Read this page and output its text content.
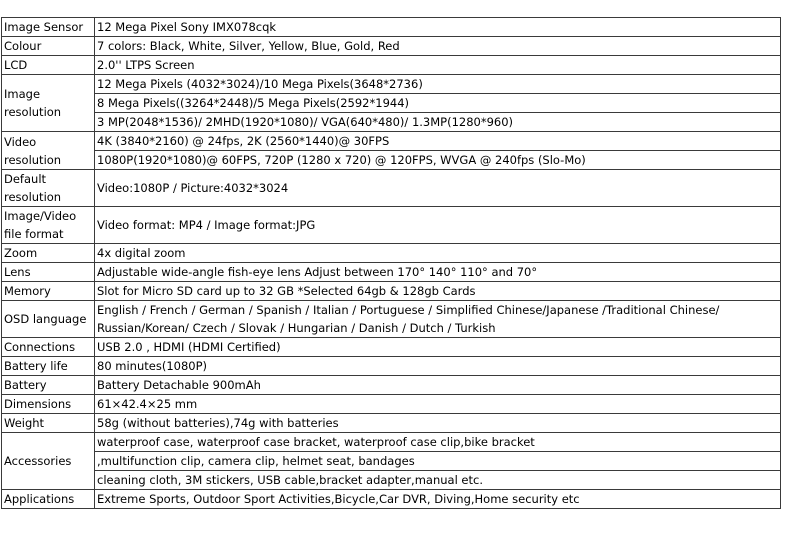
Image Sensor	12 Mega Pixel Sony IMX078cqk
Colour	7 colors: Black, White, Silver, Yellow, Blue, Gold, Red
LCD	2.0'' LTPS Screen
Image resolution	12 Mega Pixels (4032*3024)/10 Mega Pixels(3648*2736)
	8 Mega Pixels((3264*2448)/5 Mega Pixels(2592*1944)
	3 MP(2048*1536)/ 2MHD(1920*1080)/ VGA(640*480)/ 1.3MP(1280*960)
Video resolution	4K (3840*2160) @ 24fps, 2K (2560*1440)@ 30FPS
	1080P(1920*1080)@ 60FPS, 720P (1280 x 720) @ 120FPS, WVGA @ 240fps (Slo-Mo)
Default resolution	Video:1080P / Picture:4032*3024
Image/Video file format	Video format: MP4 / Image format:JPG
Zoom	4x digital zoom
Lens	Adjustable wide-angle fish-eye lens Adjust between 170° 140° 110° and 70°
Memory	Slot for Micro SD card up to 32 GB *Selected 64gb & 128gb Cards
OSD language	English / French / German / Spanish / Italian / Portuguese / Simplified Chinese/Japanese /Traditional Chinese/ Russian/Korean/ Czech / Slovak / Hungarian / Danish / Dutch / Turkish
Connections	USB 2.0 , HDMI (HDMI Certified)
Battery life	80 minutes(1080P)
Battery	Battery Detachable 900mAh
Dimensions	61×42.4×25 mm
Weight	58g (without batteries),74g with batteries
Accessories	waterproof case, waterproof case bracket, waterproof case clip,bike bracket
	,multifunction clip, camera clip, helmet seat, bandages
	cleaning cloth, 3M stickers, USB cable,bracket adapter,manual etc.
Applications	Extreme Sports, Outdoor Sport Activities,Bicycle,Car DVR, Diving,Home security etc
